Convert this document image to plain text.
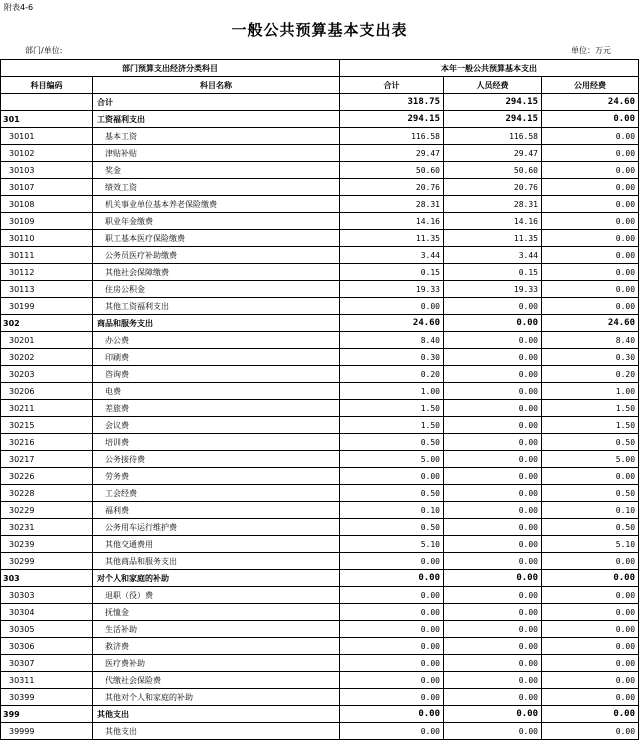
附表4-6
一般公共预算基本支出表
部门/单位:	单位：万元
部门预算支出经济分类科目		本年一般公共预算基本支出		
科目编码	科目名称	合计	人员经费	公用经费
	合计	318.75	294.15	24.60
301	工资福利支出	294.15	294.15	0.00
30101	基本工资	116.58	116.58	0.00
30102	津贴补贴	29.47	29.47	0.00
30103	奖金	50.60	50.60	0.00
30107	绩效工资	20.76	20.76	0.00
30108	机关事业单位基本养老保险缴费	28.31	28.31	0.00
30109	职业年金缴费	14.16	14.16	0.00
30110	职工基本医疗保险缴费	11.35	11.35	0.00
30111	公务员医疗补助缴费	3.44	3.44	0.00
30112	其他社会保障缴费	0.15	0.15	0.00
30113	住房公积金	19.33	19.33	0.00
30199	其他工资福利支出	0.00	0.00	0.00
302	商品和服务支出	24.60	0.00	24.60
30201	办公费	8.40	0.00	8.40
30202	印刷费	0.30	0.00	0.30
30203	咨询费	0.20	0.00	0.20
30206	电费	1.00	0.00	1.00
30211	差旅费	1.50	0.00	1.50
30215	会议费	1.50	0.00	1.50
30216	培训费	0.50	0.00	0.50
30217	公务接待费	5.00	0.00	5.00
30226	劳务费	0.00	0.00	0.00
30228	工会经费	0.50	0.00	0.50
30229	福利费	0.10	0.00	0.10
30231	公务用车运行维护费	0.50	0.00	0.50
30239	其他交通费用	5.10	0.00	5.10
30299	其他商品和服务支出	0.00	0.00	0.00
303	对个人和家庭的补助	0.00	0.00	0.00
30303	退职（役）费	0.00	0.00	0.00
30304	抚恤金	0.00	0.00	0.00
30305	生活补助	0.00	0.00	0.00
30306	救济费	0.00	0.00	0.00
30307	医疗费补助	0.00	0.00	0.00
30311	代缴社会保险费	0.00	0.00	0.00
30399	其他对个人和家庭的补助	0.00	0.00	0.00
399	其他支出	0.00	0.00	0.00
39999	其他支出	0.00	0.00	0.00
